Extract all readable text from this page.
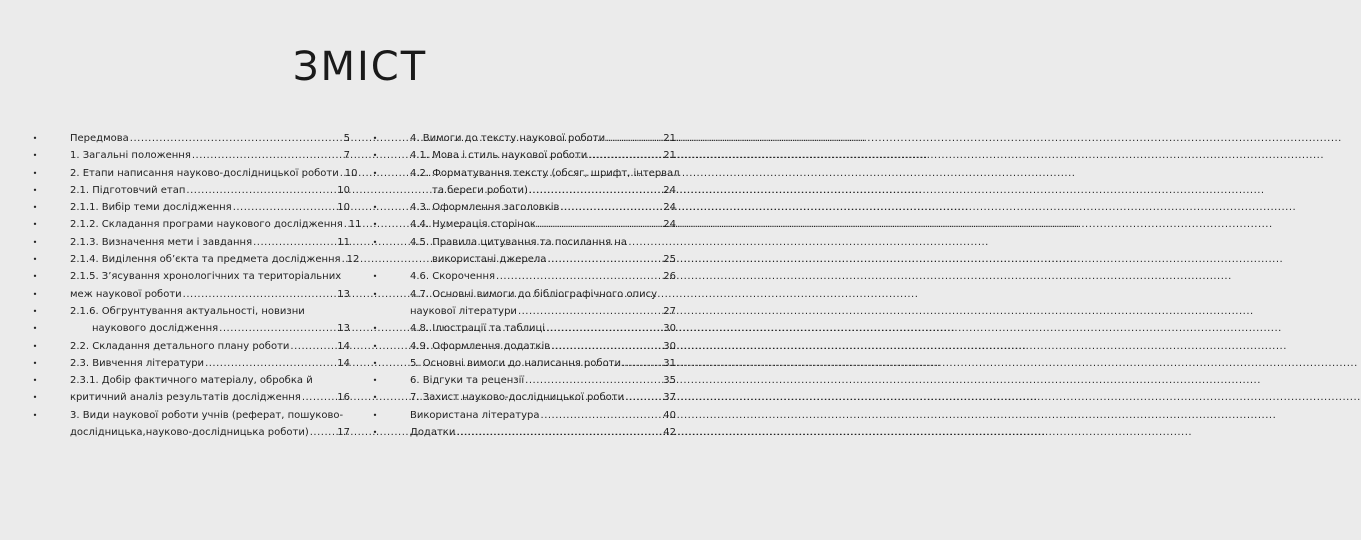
ЗМІСТ
•	Передмова .....	5
•	1. Загальні положення .....	7
•	2. Етапи написання науково-дослідницької роботи ..... 10
•	2.1. Підготовчий етап .....	10
•	2.1.1. Вибір теми дослідження .....	10
•	2.1.2. Складання програми наукового дослідження ..... 11
•	2.1.3. Визначення мети і завдання .....	11
•	2.1.4. Виділення об’єкта та предмета дослідження ..... 12
•	2.1.5. З’ясування хронологічних та територіальних
•	меж наукової роботи .....	13
•	2.1.6. Обгрунтування актуальності, новизни
•	наукового дослідження .....	13
•	2.2. Складання детального плану роботи .....	14
•	2.3. Вивчення літератури .....	14
•	2.3.1. Добір фактичного матеріалу, обробка й
•	критичний аналіз результатів дослідження .....	16
•	3. Види наукової роботи учнів (реферат, пошуково-
дослідницька,науково-дослідницька роботи) .....	17
•	4. Вимоги до тексту наукової роботи .....	21
•	4.1. Мова і стиль наукової роботи .....	21
•	4.2. Форматування тексту (обсяг, шрифт, інтервал
та береги роботи) .....	24
•	4.3. Оформлення заголовків .....	24
•	4.4. Нумерація сторінок .....	24
•	4.5. Правила цитування та посилання на
використані джерела .....	25
•	4.6. Скорочення .....	26
•	4.7. Основні вимоги до бібліографічного опису
наукової літератури .....	27
•	4.8. Ілюстрації та таблиці .....	30
•	4.9. Оформлення додатків .....	30
•	5. Основні вимоги до написання роботи .....	31
•	6. Відгуки та рецензії .....	35
•	7. Захист науково-дослідницької роботи .....	37
•	Використана література .....	40
•	Додатки .....	42
